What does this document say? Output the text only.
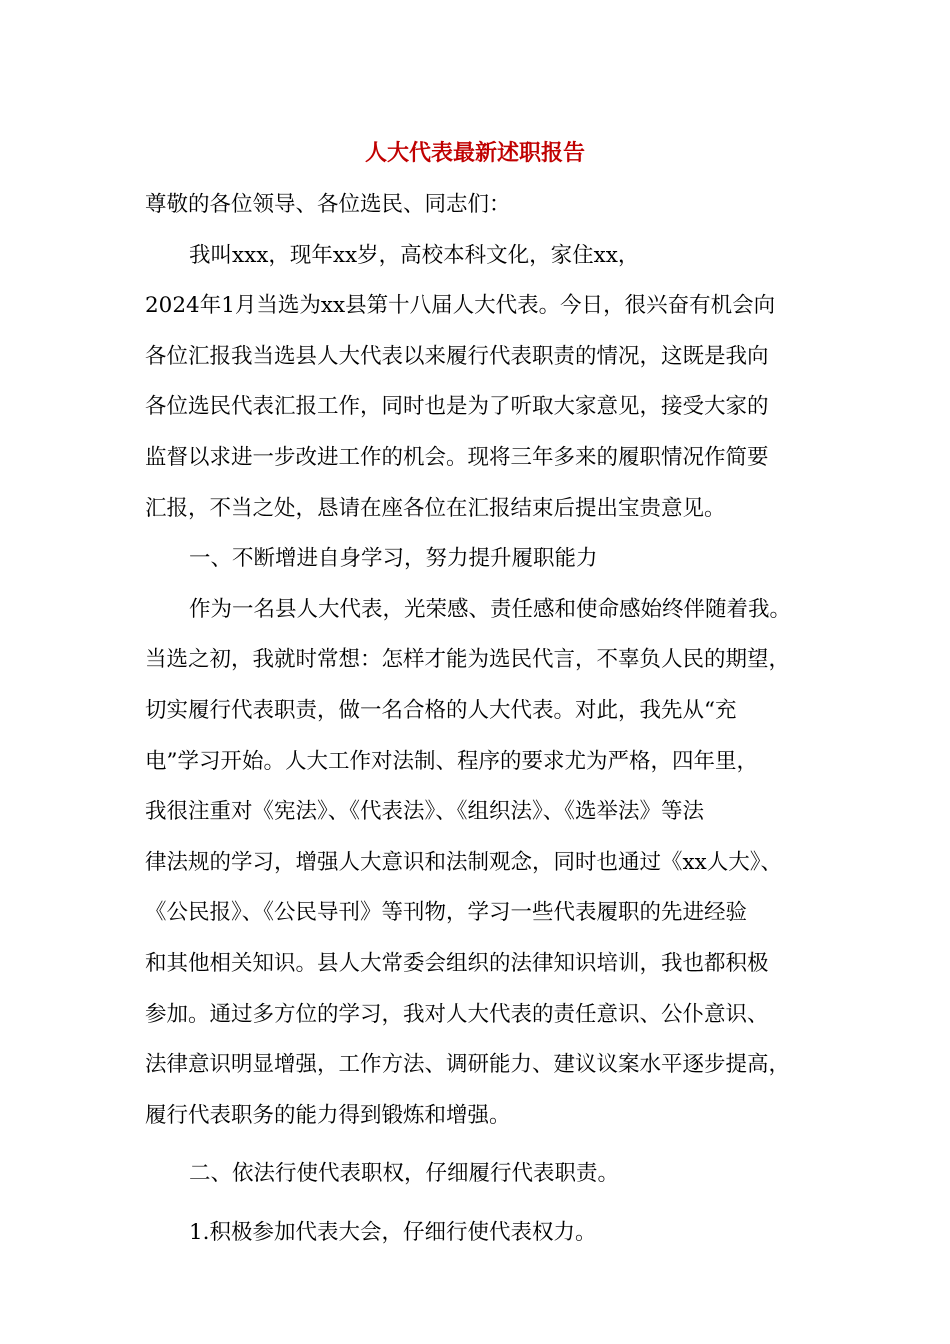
人大代表最新述职报告

尊敬的各位领导、各位选民、同志们：

我叫xxx，现年xx岁，高校本科文化，家住xx，
2024年1月当选为xx县第十八届人大代表。今日，很兴奋有机会向
各位汇报我当选县人大代表以来履行代表职责的情况，这既是我向
各位选民代表汇报工作，同时也是为了听取大家意见，接受大家的
监督以求进一步改进工作的机会。现将三年多来的履职情况作简要
汇报，不当之处，恳请在座各位在汇报结束后提出宝贵意见。

一、不断增进自身学习，努力提升履职能力

作为一名县人大代表，光荣感、责任感和使命感始终伴随着我。
当选之初，我就时常想：怎样才能为选民代言，不辜负人民的期望，
切实履行代表职责，做一名合格的人大代表。对此，我先从“充
电”学习开始。人大工作对法制、程序的要求尤为严格，四年里，
我很注重对《宪法》、《代表法》、《组织法》、《选举法》等法
律法规的学习，增强人大意识和法制观念，同时也通过《xx人大》、
《公民报》、《公民导刊》等刊物，学习一些代表履职的先进经验
和其他相关知识。县人大常委会组织的法律知识培训，我也都积极
参加。通过多方位的学习，我对人大代表的责任意识、公仆意识、
法律意识明显增强，工作方法、调研能力、建议议案水平逐步提高，
履行代表职务的能力得到锻炼和增强。

二、依法行使代表职权，仔细履行代表职责。

1.积极参加代表大会，仔细行使代表权力。
